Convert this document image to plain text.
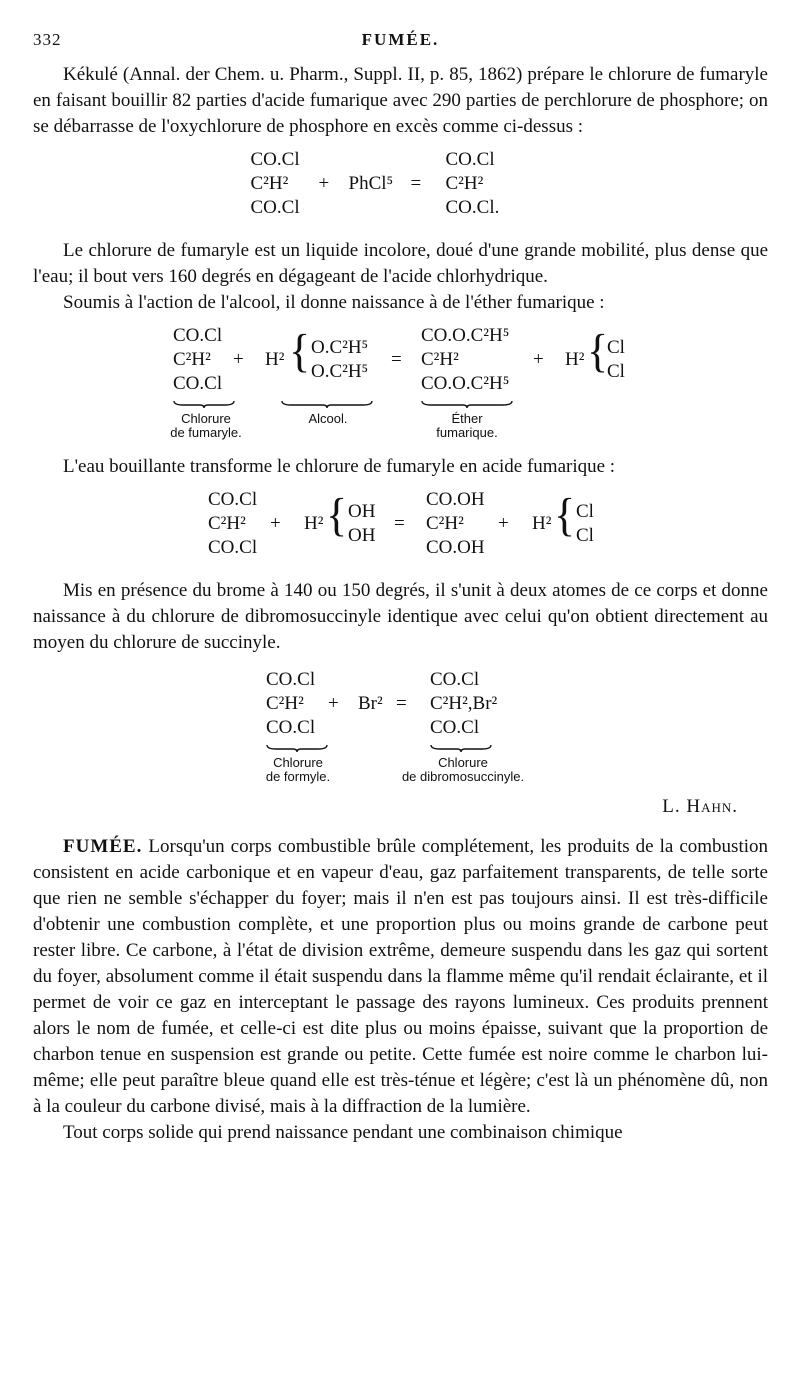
332	FUMÉE.

Kékulé (Annal. der Chem. u. Pharm., Suppl. II, p. 85, 1862) prépare le chlorure de fumaryle en faisant bouillir 82 parties d'acide fumarique avec 290 parties de perchlorure de phosphore; on se débarrasse de l'oxychlorure de phosphore en excès comme ci-dessus :

CO.Cl
C²H²
CO.Cl
+ PhCl⁵ =
CO.Cl
C²H²
CO.Cl.

Le chlorure de fumaryle est un liquide incolore, doué d'une grande mobilité, plus dense que l'eau; il bout vers 160 degrés en dégageant de l'acide chlorhydrique.

Soumis à l'action de l'alcool, il donne naissance à de l'éther fumarique :

CO.Cl
C²H²
CO.Cl
+ H² { O.C²H⁵
O.C²H⁵
=
CO.O.C²H⁵
C²H²
CO.O.C²H⁵
+ H² {
Cl
Cl
Chlorure
de fumaryle.
Alcool.	Éther
fumarique.

L'eau bouillante transforme le chlorure de fumaryle en acide fumarique :

CO.Cl
C²H²
CO.Cl
+ H² { OH
OH
=
CO.OH
C²H²
CO.OH
+ H² { Cl
Cl

Mis en présence du brome à 140 ou 150 degrés, il s'unit à deux atomes de ce corps et donne naissance à du chlorure de dibromosuccinyle identique avec celui qu'on obtient directement au moyen du chlorure de succinyle.

CO.Cl
C²H²
CO.Cl
+ Br² =
CO.Cl
C²H²,Br²
CO.Cl
Chlorure
de formyle.
Chlorure
de dibromosuccinyle.
L. Hahn.

FUMÉE. Lorsqu'un corps combustible brûle complétement, les produits de la combustion consistent en acide carbonique et en vapeur d'eau, gaz parfaitement transparents, de telle sorte que rien ne semble s'échapper du foyer; mais il n'en est pas toujours ainsi. Il est très-difficile d'obtenir une combustion complète, et une proportion plus ou moins grande de carbone peut rester libre. Ce carbone, à l'état de division extrême, demeure suspendu dans les gaz qui sortent du foyer, absolument comme il était suspendu dans la flamme même qu'il rendait éclairante, et il permet de voir ce gaz en interceptant le passage des rayons lumineux. Ces produits prennent alors le nom de fumée, et celle-ci est dite plus ou moins épaisse, suivant que la proportion de charbon tenue en suspension est grande ou petite. Cette fumée est noire comme le charbon lui-même; elle peut paraître bleue quand elle est très-ténue et légère; c'est là un phénomène dû, non à la couleur du carbone divisé, mais à la diffraction de la lumière.

Tout corps solide qui prend naissance pendant une combinaison chimique
